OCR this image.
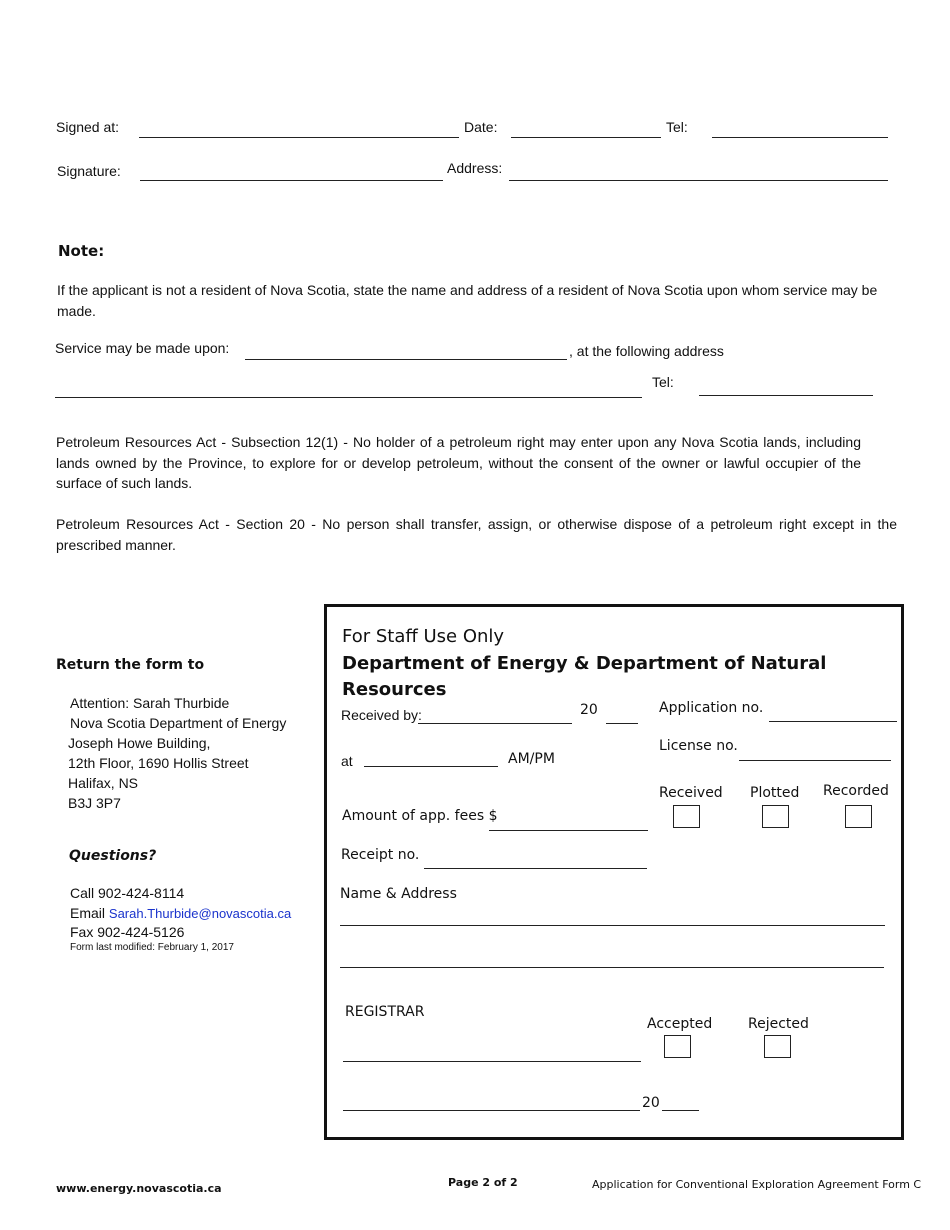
Signed at:	Date:	Tel:
Signature:	Address:
Note:

If the applicant is not a resident of Nova Scotia, state the name and address of a resident of Nova Scotia upon whom service may be made.

Service may be made upon:	, at the following address
Tel:

Petroleum Resources Act - Subsection 12(1) - No holder of a petroleum right may enter upon any Nova Scotia lands, including lands owned by the Province, to explore for or develop petroleum, without the consent of the owner or lawful occupier of the surface of such lands.

Petroleum Resources Act - Section 20 - No person shall transfer, assign, or otherwise dispose of a petroleum right except in the prescribed manner.

Return the form to
Attention: Sarah Thurbide
Nova Scotia Department of Energy
Joseph Howe Building,
12th Floor, 1690 Hollis Street
Halifax, NS
B3J 3P7
Questions?
Call 902-424-8114
Email Sarah.Thurbide@novascotia.ca
Fax 902-424-5126
Form last modified: February 1, 2017
For Staff Use Only
Department of Energy & Department of Natural Resources
Received by:	20	Application no.
License no.
at	AM/PM
Received Plotted Recorded
Amount of app. fees $
Receipt no.
Name & Address
REGISTRAR
Accepted	Rejected
20
www.energy.novascotia.ca	Page 2 of 2	Application for Conventional Exploration Agreement Form C
